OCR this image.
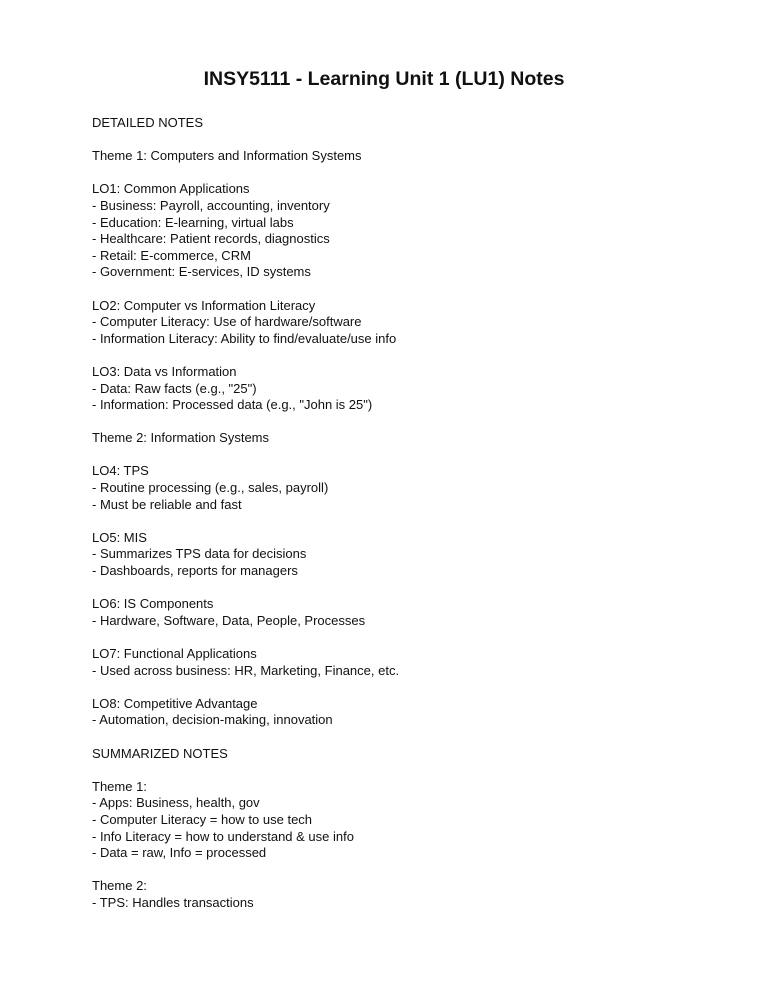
INSY5111 - Learning Unit 1 (LU1) Notes
DETAILED NOTES
Theme 1: Computers and Information Systems
LO1: Common Applications
- Business: Payroll, accounting, inventory
- Education: E-learning, virtual labs
- Healthcare: Patient records, diagnostics
- Retail: E-commerce, CRM
- Government: E-services, ID systems
LO2: Computer vs Information Literacy
- Computer Literacy: Use of hardware/software
- Information Literacy: Ability to find/evaluate/use info
LO3: Data vs Information
- Data: Raw facts (e.g., "25")
- Information: Processed data (e.g., "John is 25")
Theme 2: Information Systems
LO4: TPS
- Routine processing (e.g., sales, payroll)
- Must be reliable and fast
LO5: MIS
- Summarizes TPS data for decisions
- Dashboards, reports for managers
LO6: IS Components
- Hardware, Software, Data, People, Processes
LO7: Functional Applications
- Used across business: HR, Marketing, Finance, etc.
LO8: Competitive Advantage
- Automation, decision-making, innovation
SUMMARIZED NOTES
Theme 1:
- Apps: Business, health, gov
- Computer Literacy = how to use tech
- Info Literacy = how to understand & use info
- Data = raw, Info = processed
Theme 2:
- TPS: Handles transactions
